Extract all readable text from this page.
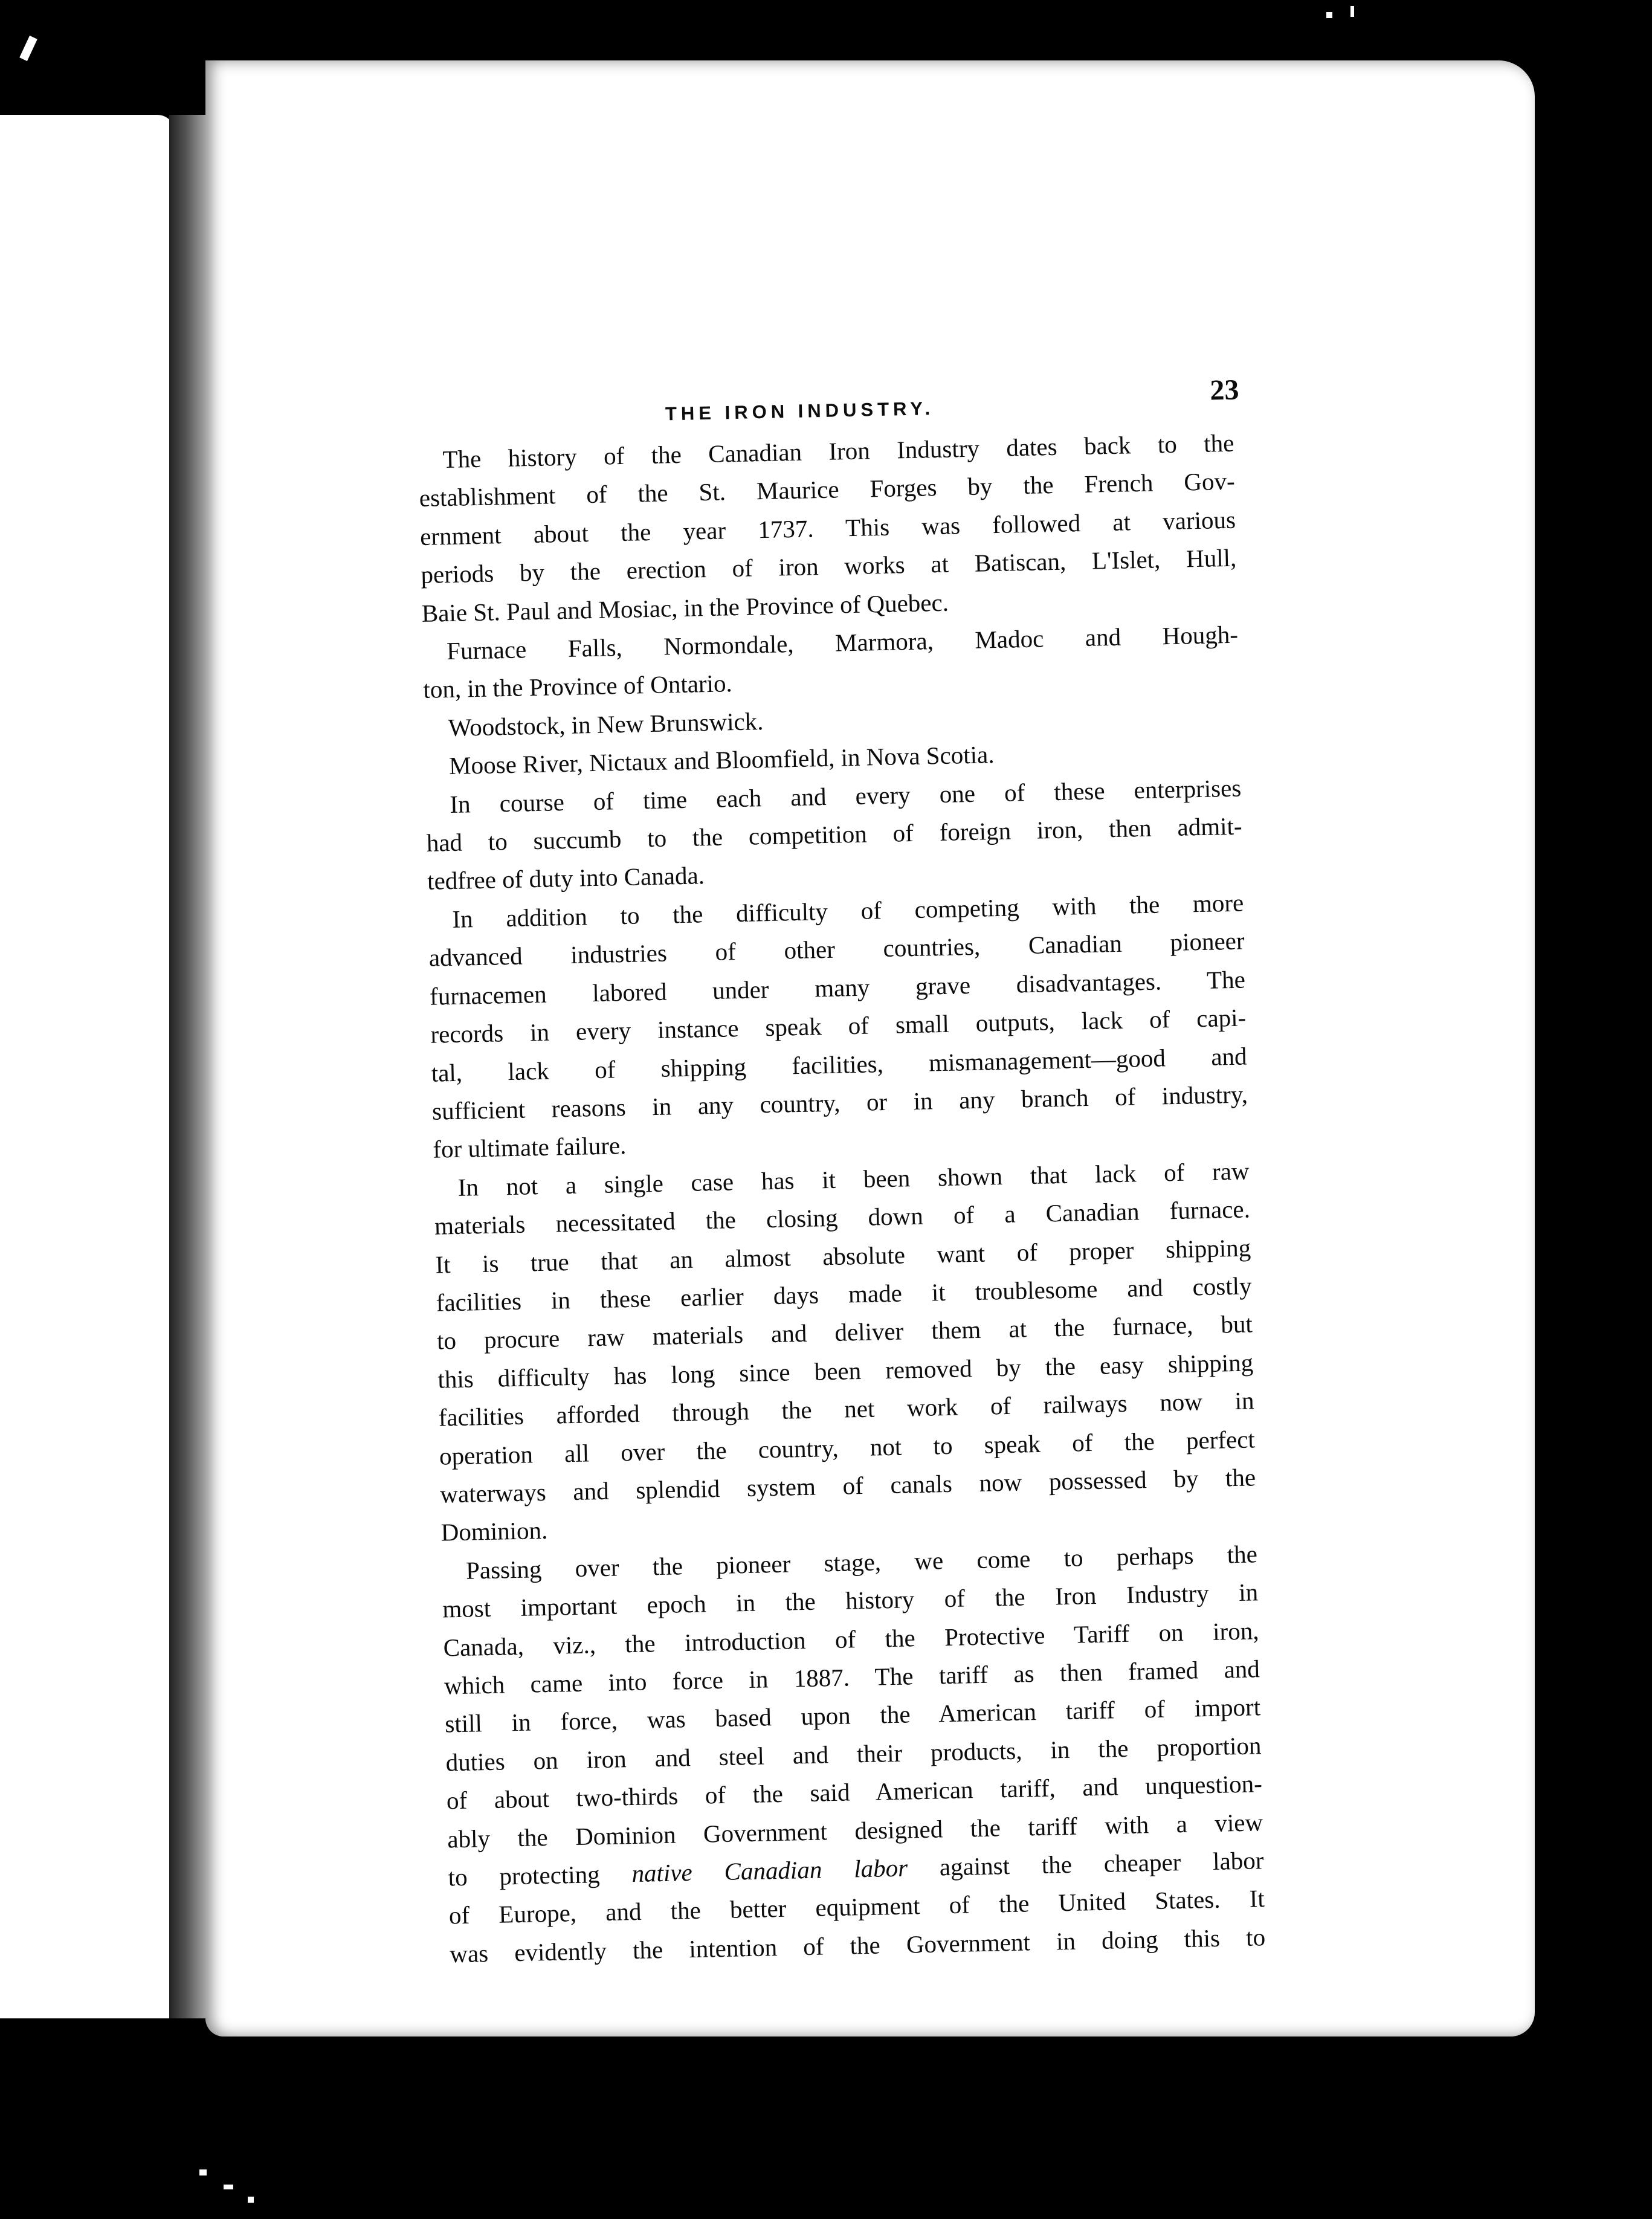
THE IRON INDUSTRY.
23

The history of the Canadian Iron Industry dates back to the
establishment of the St. Maurice Forges by the French Gov-
ernment about the year 1737. This was followed at various
periods by the erection of iron works at Batiscan, L'Islet, Hull,
Baie St. Paul and Mosiac, in the Province of Quebec.

Furnace Falls, Normondale, Marmora, Madoc and Hough-
ton, in the Province of Ontario.

Woodstock, in New Brunswick.

Moose River, Nictaux and Bloomfield, in Nova Scotia.

In course of time each and every one of these enterprises
had to succumb to the competition of foreign iron, then admit-
tedfree of duty into Canada.

In addition to the difficulty of competing with the more
advanced industries of other countries, Canadian pioneer
furnacemen labored under many grave disadvantages. The
records in every instance speak of small outputs, lack of capi-
tal, lack of shipping facilities, mismanagement—good and
sufficient reasons in any country, or in any branch of industry,
for ultimate failure.

In not a single case has it been shown that lack of raw
materials necessitated the closing down of a Canadian furnace.
It is true that an almost absolute want of proper shipping
facilities in these earlier days made it troublesome and costly
to procure raw materials and deliver them at the furnace, but
this difficulty has long since been removed by the easy shipping
facilities afforded through the net work of railways now in
operation all over the country, not to speak of the perfect
waterways and splendid system of canals now possessed by the
Dominion.

Passing over the pioneer stage, we come to perhaps the
most important epoch in the history of the Iron Industry in
Canada, viz., the introduction of the Protective Tariff on iron,
which came into force in 1887. The tariff as then framed and
still in force, was based upon the American tariff of import
duties on iron and steel and their products, in the proportion
of about two-thirds of the said American tariff, and unquestion-
ably the Dominion Government designed the tariff with a view
to protecting native Canadian labor against the cheaper labor
of Europe, and the better equipment of the United States. It
was evidently the intention of the Government in doing this to
